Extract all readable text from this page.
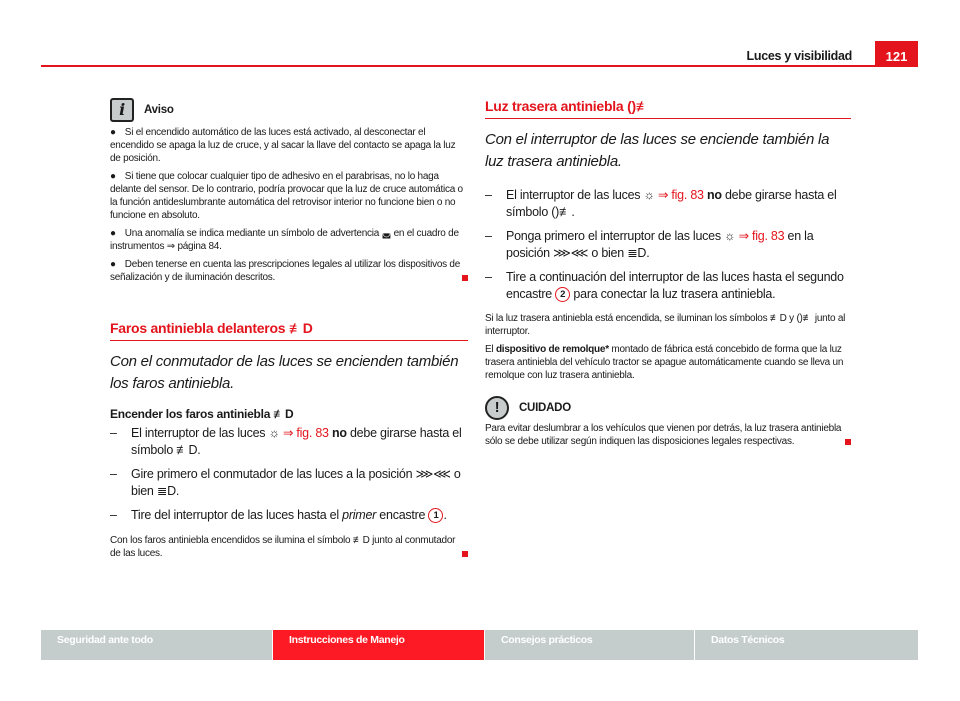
Luces y visibilidad	121
i	Aviso

● Si el encendido automático de las luces está activado, al desconectar el encendido se apaga la luz de cruce, y al sacar la llave del contacto se apaga la luz de posición.

● Si tiene que colocar cualquier tipo de adhesivo en el parabrisas, no lo haga delante del sensor. De lo contrario, podría provocar que la luz de cruce automática o la función antideslumbrante automática del retrovisor interior no funcione bien o no funcione en absoluto.

● Una anomalía se indica mediante un símbolo de advertencia ◛ en el cuadro de instrumentos ⇒ página 84.

● Deben tenerse en cuenta las prescripciones legales al utilizar los dispositivos de señalización y de iluminación descritos.

Faros antiniebla delanteros ≢D
Con el conmutador de las luces se encienden también los faros antiniebla.
Encender los faros antiniebla ≢D
– El interruptor de las luces ☼ ⇒ fig. 83 no debe girarse hasta el símbolo ≢D.
– Gire primero el conmutador de las luces a la posición ⋙⋘ o bien ≣D.
– Tire del interruptor de las luces hasta el primer encastre 1 .

Con los faros antiniebla encendidos se ilumina el símbolo ≢D junto al conmutador de las luces.

Luz trasera antiniebla ()≢
Con el interruptor de las luces se enciende también la luz trasera antiniebla.
– El interruptor de las luces ☼ ⇒ fig. 83 no debe girarse hasta el símbolo ()≢.
– Ponga primero el interruptor de las luces ☼ ⇒ fig. 83 en la posición ⋙⋘ o bien ≣D.
– Tire a continuación del interruptor de las luces hasta el segundo encastre 2 para conectar la luz trasera antiniebla.

Si la luz trasera antiniebla está encendida, se iluminan los símbolos ≢D y ()≢ junto al interruptor.

El dispositivo de remolque* montado de fábrica está concebido de forma que la luz trasera antiniebla del vehículo tractor se apague automáticamente cuando se lleva un remolque con luz trasera antiniebla.

!	CUIDADO

Para evitar deslumbrar a los vehículos que vienen por detrás, la luz trasera antiniebla sólo se debe utilizar según indiquen las disposiciones legales respectivas.

Seguridad ante todo	Instrucciones de Manejo	Consejos prácticos	Datos Técnicos
